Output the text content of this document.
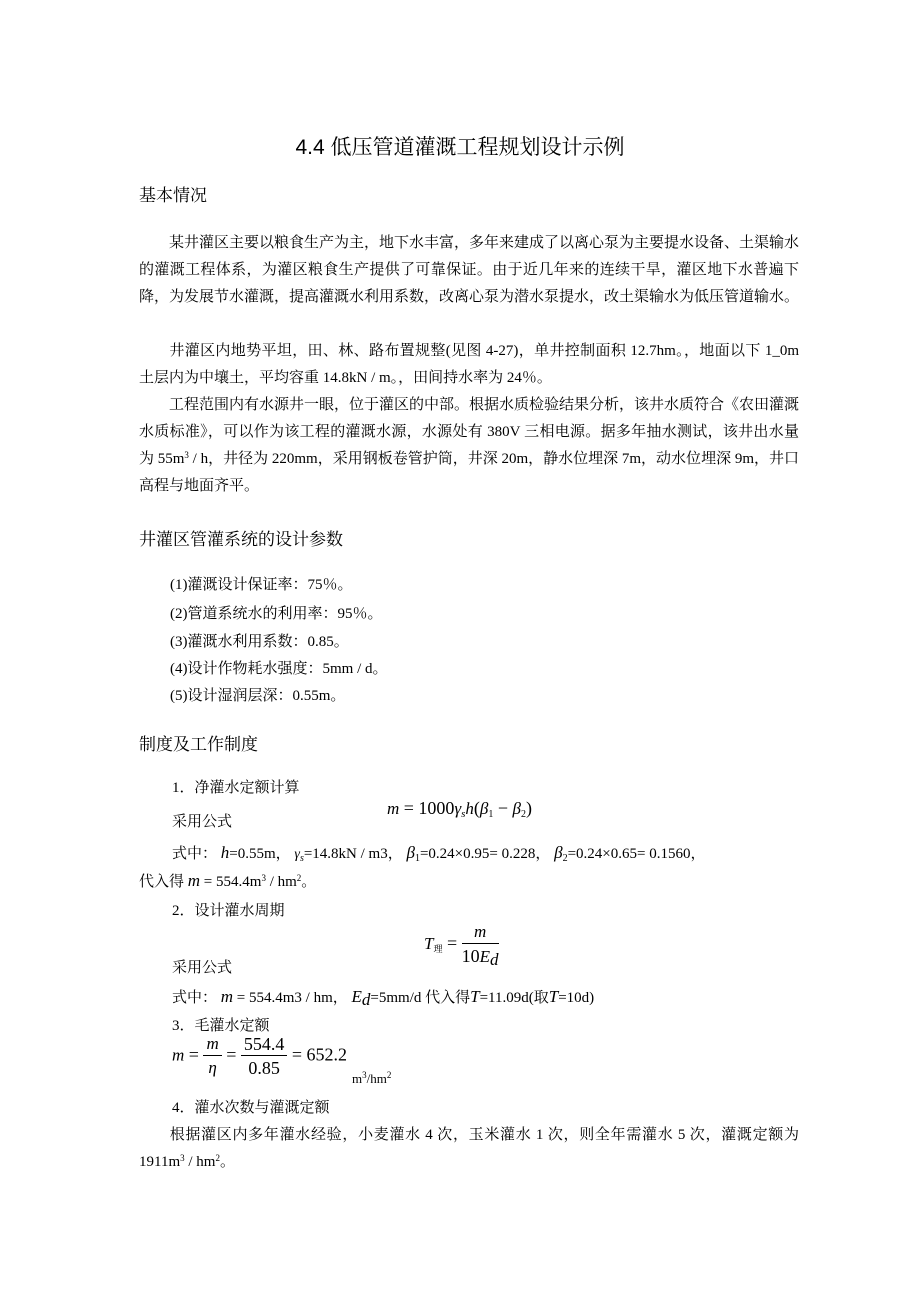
4.4 低压管道灌溉工程规划设计示例
基本情况
某井灌区主要以粮食生产为主，地下水丰富，多年来建成了以离心泵为主要提水设备、土渠输水的灌溉工程体系，为灌区粮食生产提供了可靠保证。由于近几年来的连续干旱，灌区地下水普遍下降，为发展节水灌溉，提高灌溉水利用系数，改离心泵为潜水泵提水，改土渠输水为低压管道输水。
井灌区内地势平坦，田、林、路布置规整(见图 4-27)，单井控制面积 12.7hm。，地面以下 1_0m 土层内为中壤土，平均容重 14.8kN / m。，田间持水率为 24％。
工程范围内有水源井一眼，位于灌区的中部。根据水质检验结果分析，该井水质符合《农田灌溉水质标准》，可以作为该工程的灌溉水源，水源处有 380V 三相电源。据多年抽水测试，该井出水量为 $55m^3$ / h，井径为 220mm，采用钢板卷管护筒，井深 20m，静水位埋深 7m，动水位埋深 9m，井口高程与地面齐平。
井灌区管灌系统的设计参数
(1)灌溉设计保证率：75％。
(2)管道系统水的利用率：95％。
(3)灌溉水利用系数：0.85。
(4)设计作物耗水强度：5mm / d。
(5)设计湿润层深：0.55m。
制度及工作制度
1．净灌水定额计算
$m = 1000\gamma_sh(\beta_1 - \beta_2)$
采用公式
式中： h=0.55m， $\gamma_s=14.8kN / m3$， $\beta_1=0.24\times 0.95= 0.228$， $\beta_2=0.24\times 0.65= 0.1560$，
代入得 $m = 554.4m^3 / hm^2$。
2．设计灌水周期
$T_理 = \frac{m}{10E_d}$
采用公式
式中： m = 554.4m3 / hm， $E_d=5mm/d$ 代入得T=11.09d(取T=10d)
3．毛灌水定额
$m = \frac{m}{\eta} = \frac{554.4}{0.85} = 652.2$
$m^3/hm^2$
4．灌水次数与灌溉定额
根据灌区内多年灌水经验，小麦灌水 4 次，玉米灌水 1 次，则全年需灌水 5 次，灌溉定额为 $1911m^3 / hm^2$。
